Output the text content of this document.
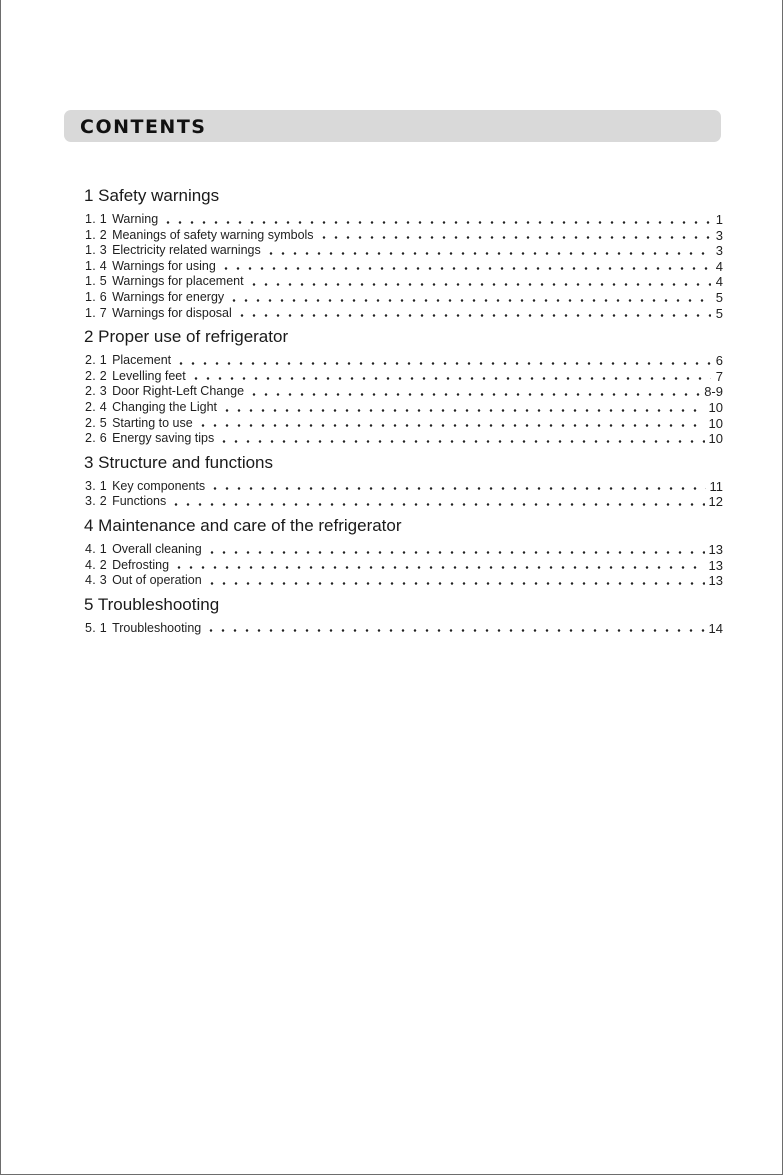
CONTENTS
1 Safety warnings
1. 1 Warning	1
1. 2 Meanings of safety warning symbols	3
1. 3 Electricity related warnings	3
1. 4 Warnings for using	4
1. 5 Warnings for placement	4
1. 6 Warnings for energy	5
1. 7 Warnings for disposal	5
2 Proper use of refrigerator
2. 1 Placement	6
2. 2 Levelling feet	7
2. 3 Door Right-Left Change	8-9
2. 4 Changing the Light	10
2. 5 Starting to use	10
2. 6 Energy saving tips	10
3 Structure and functions
3. 1 Key components	11
3. 2 Functions	12
4 Maintenance and care of the refrigerator
4. 1 Overall cleaning	13
4. 2 Defrosting	13
4. 3 Out of operation	13
5 Troubleshooting
5. 1 Troubleshooting	14
